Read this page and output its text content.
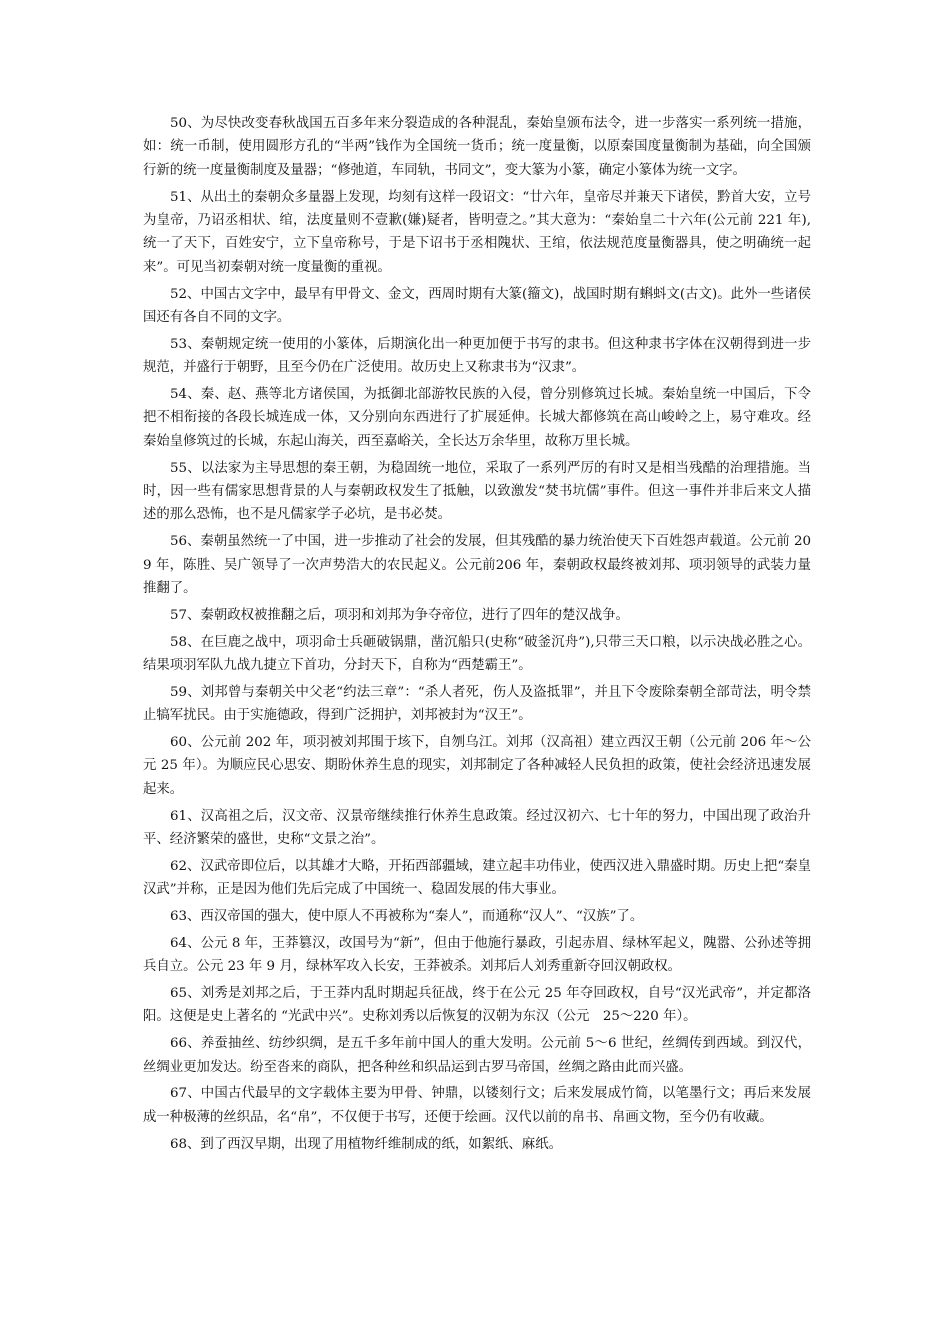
50、为尽快改变春秋战国五百多年来分裂造成的各种混乱，秦始皇颁布法令，进一步落实一系列统一措施，如：统一币制，使用圆形方孔的“半两”钱作为全国统一货币；统一度量衡，以原秦国度量衡制为基础，向全国颁行新的统一度量衡制度及量器；“修弛道，车同轨，书同文”，变大篆为小篆，确定小篆体为统一文字。

51、从出土的秦朝众多量器上发现，均刻有这样一段诏文：“廿六年，皇帝尽并兼天下诸侯，黔首大安，立号为皇帝，乃诏丞相状、绾，法度量则不壹歉(嫌)疑者，皆明壹之。”其大意为：“秦始皇二十六年(公元前 221 年),统一了天下，百姓安宁，立下皇帝称号，于是下诏书于丞相隗状、王绾，依法规范度量衡器具，使之明确统一起来”。可见当初秦朝对统一度量衡的重视。

52、中国古文字中，最早有甲骨文、金文，西周时期有大篆(籀文)，战国时期有蝌蚪文(古文)。此外一些诸侯国还有各自不同的文字。

53、秦朝规定统一使用的小篆体，后期演化出一种更加便于书写的隶书。但这种隶书字体在汉朝得到进一步规范，并盛行于朝野，且至今仍在广泛使用。故历史上又称隶书为“汉隶”。

54、秦、赵、燕等北方诸侯国，为抵御北部游牧民族的入侵，曾分别修筑过长城。秦始皇统一中国后，下令把不相衔接的各段长城连成一体，又分别向东西进行了扩展延伸。长城大都修筑在高山峻岭之上，易守难攻。经秦始皇修筑过的长城，东起山海关，西至嘉峪关，全长达万余华里，故称万里长城。

55、以法家为主导思想的秦王朝，为稳固统一地位，采取了一系列严厉的有时又是相当残酷的治理措施。当时，因一些有儒家思想背景的人与秦朝政权发生了抵触，以致激发“焚书坑儒”事件。但这一事件并非后来文人描述的那么恐怖，也不是凡儒家学子必坑，是书必焚。

56、秦朝虽然统一了中国，进一步推动了社会的发展，但其残酷的暴力统治使天下百姓怨声载道。公元前 209 年，陈胜、吴广领导了一次声势浩大的农民起义。公元前206 年，秦朝政权最终被刘邦、项羽领导的武装力量推翻了。

57、秦朝政权被推翻之后，项羽和刘邦为争夺帝位，进行了四年的楚汉战争。

58、在巨鹿之战中，项羽命士兵砸破锅鼎，凿沉船只(史称“破釜沉舟”),只带三天口粮，以示决战必胜之心。结果项羽军队九战九捷立下首功，分封天下，自称为“西楚霸王”。

59、刘邦曾与秦朝关中父老“约法三章”：“杀人者死，伤人及盗抵罪”，并且下令废除秦朝全部苛法，明令禁止犒军扰民。由于实施德政，得到广泛拥护，刘邦被封为“汉王”。

60、公元前 202 年，项羽被刘邦围于垓下，自刎乌江。刘邦（汉高祖）建立西汉王朝（公元前 206 年～公元 25 年）。为顺应民心思安、期盼休养生息的现实，刘邦制定了各种减轻人民负担的政策，使社会经济迅速发展起来。

61、汉高祖之后，汉文帝、汉景帝继续推行休养生息政策。经过汉初六、七十年的努力，中国出现了政治升平、经济繁荣的盛世，史称“文景之治”。

62、汉武帝即位后，以其雄才大略，开拓西部疆域，建立起丰功伟业，使西汉进入鼎盛时期。历史上把“秦皇汉武”并称，正是因为他们先后完成了中国统一、稳固发展的伟大事业。

63、西汉帝国的强大，使中原人不再被称为“秦人”，而通称“汉人”、“汉族”了。

64、公元 8 年，王莽篡汉，改国号为“新”，但由于他施行暴政，引起赤眉、绿林军起义，隗嚣、公孙述等拥兵自立。公元 23 年 9 月，绿林军攻入长安，王莽被杀。刘邦后人刘秀重新夺回汉朝政权。

65、刘秀是刘邦之后，于王莽内乱时期起兵征战，终于在公元 25 年夺回政权，自号“汉光武帝”，并定都洛阳。这便是史上著名的 “光武中兴”。史称刘秀以后恢复的汉朝为东汉（公元　25～220 年）。

66、养蚕抽丝、纺纱织绸，是五千多年前中国人的重大发明。公元前 5～6 世纪，丝绸传到西域。到汉代，丝绸业更加发达。纷至沓来的商队，把各种丝和织品运到古罗马帝国，丝绸之路由此而兴盛。

67、中国古代最早的文字载体主要为甲骨、钟鼎，以镂刻行文；后来发展成竹简，以笔墨行文；再后来发展成一种极薄的丝织品，名“帛”，不仅便于书写，还便于绘画。汉代以前的帛书、帛画文物，至今仍有收藏。

68、到了西汉早期，出现了用植物纤维制成的纸，如絮纸、麻纸。
